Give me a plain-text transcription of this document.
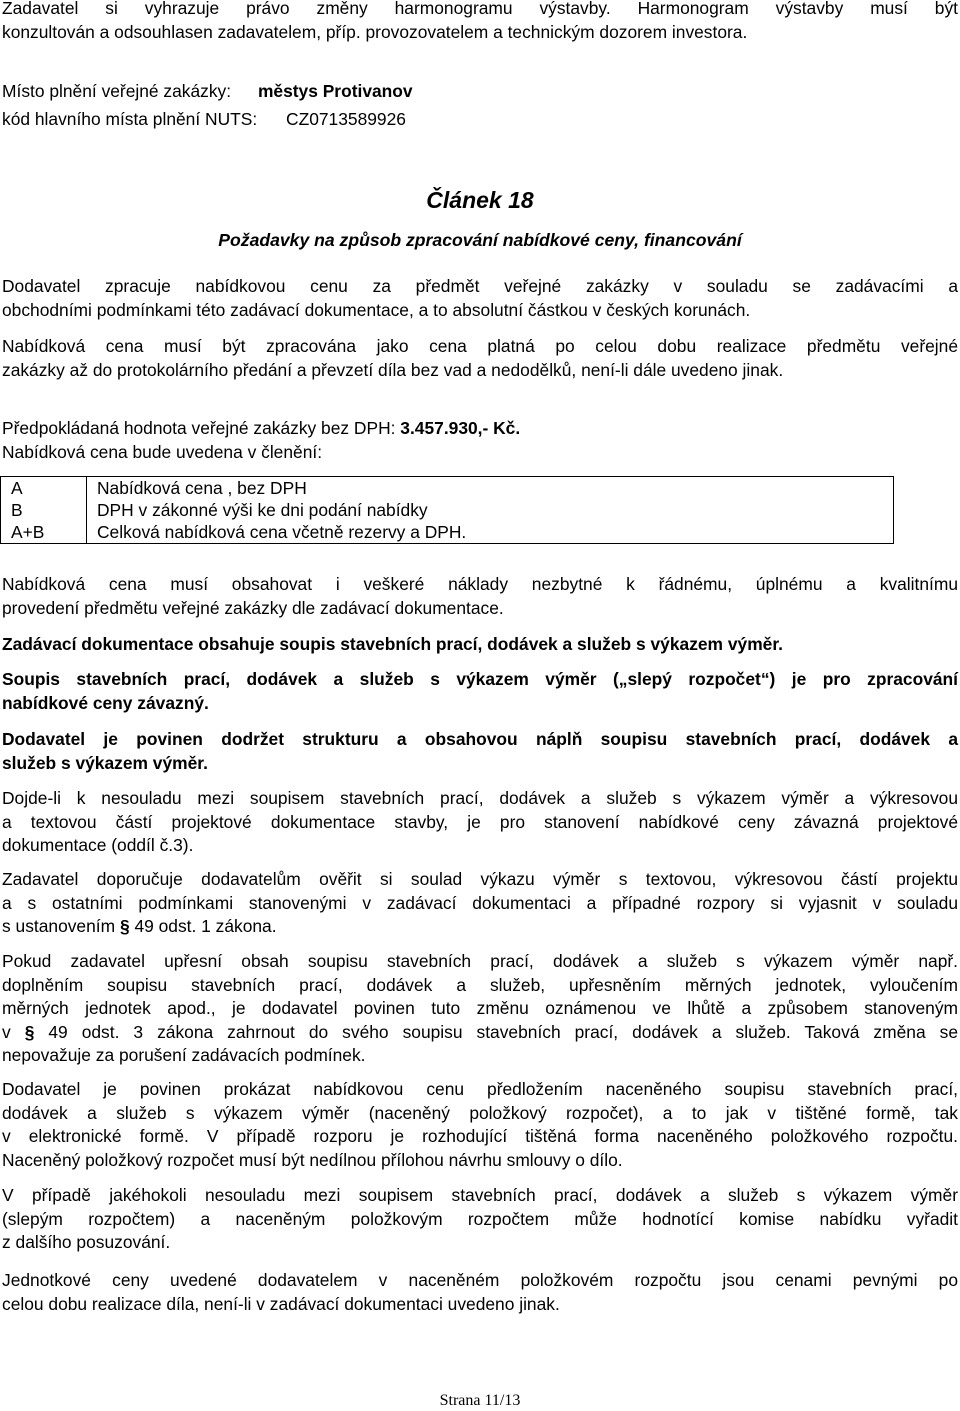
Zadavatel si vyhrazuje právo změny harmonogramu výstavby. Harmonogram výstavby musí být
konzultován a odsouhlasen zadavatelem, příp. provozovatelem a technickým dozorem investora.
Místo plnění veřejné zakázky: městys Protivanov
kód hlavního místa plnění NUTS: CZ0713589926
Článek 18
Požadavky na způsob zpracování nabídkové ceny, financování
Dodavatel zpracuje nabídkovou cenu za předmět veřejné zakázky v souladu se zadávacími a
obchodními podmínkami této zadávací dokumentace, a to absolutní částkou v českých korunách.
Nabídková cena musí být zpracována jako cena platná po celou dobu realizace předmětu veřejné
zakázky až do protokolárního předání a převzetí díla bez vad a nedodělků, není-li dále uvedeno jinak.
Předpokládaná hodnota veřejné zakázky bez DPH: 3.457.930,- Kč.
Nabídková cena bude uvedena v členění:
A	Nabídková cena , bez DPH
B	DPH v zákonné výši ke dni podání nabídky
A+B	Celková nabídková cena včetně rezervy a DPH.
Nabídková cena musí obsahovat i veškeré náklady nezbytné k řádnému, úplnému a kvalitnímu
provedení předmětu veřejné zakázky dle zadávací dokumentace.
Zadávací dokumentace obsahuje soupis stavebních prací, dodávek a služeb s výkazem výměr.
Soupis stavebních prací, dodávek a služeb s výkazem výměr („slepý rozpočet“) je pro zpracování
nabídkové ceny závazný.
Dodavatel je povinen dodržet strukturu a obsahovou náplň soupisu stavebních prací, dodávek a
služeb s výkazem výměr.
Dojde-li k nesouladu mezi soupisem stavebních prací, dodávek a služeb s výkazem výměr a výkresovou
a textovou částí projektové dokumentace stavby, je pro stanovení nabídkové ceny závazná projektové
dokumentace (oddíl č.3).
Zadavatel doporučuje dodavatelům ověřit si soulad výkazu výměr s textovou, výkresovou částí projektu
a s ostatními podmínkami stanovenými v zadávací dokumentaci a případné rozpory si vyjasnit v souladu
s ustanovením § 49 odst. 1 zákona.
Pokud zadavatel upřesní obsah soupisu stavebních prací, dodávek a služeb s výkazem výměr např.
doplněním soupisu stavebních prací, dodávek a služeb, upřesněním měrných jednotek, vyloučením
měrných jednotek apod., je dodavatel povinen tuto změnu oznámenou ve lhůtě a způsobem stanoveným
v § 49 odst. 3 zákona zahrnout do svého soupisu stavebních prací, dodávek a služeb. Taková změna se
nepovažuje za porušení zadávacích podmínek.
Dodavatel je povinen prokázat nabídkovou cenu předložením naceněného soupisu stavebních prací,
dodávek a služeb s výkazem výměr (naceněný položkový rozpočet), a to jak v tištěné formě, tak
v elektronické formě. V případě rozporu je rozhodující tištěná forma naceněného položkového rozpočtu.
Naceněný položkový rozpočet musí být nedílnou přílohou návrhu smlouvy o dílo.
V případě jakéhokoli nesouladu mezi soupisem stavebních prací, dodávek a služeb s výkazem výměr
(slepým rozpočtem) a naceněným položkovým rozpočtem může hodnotící komise nabídku vyřadit
z dalšího posuzování.
Jednotkové ceny uvedené dodavatelem v naceněném položkovém rozpočtu jsou cenami pevnými po
celou dobu realizace díla, není-li v zadávací dokumentaci uvedeno jinak.
Strana 11/13
